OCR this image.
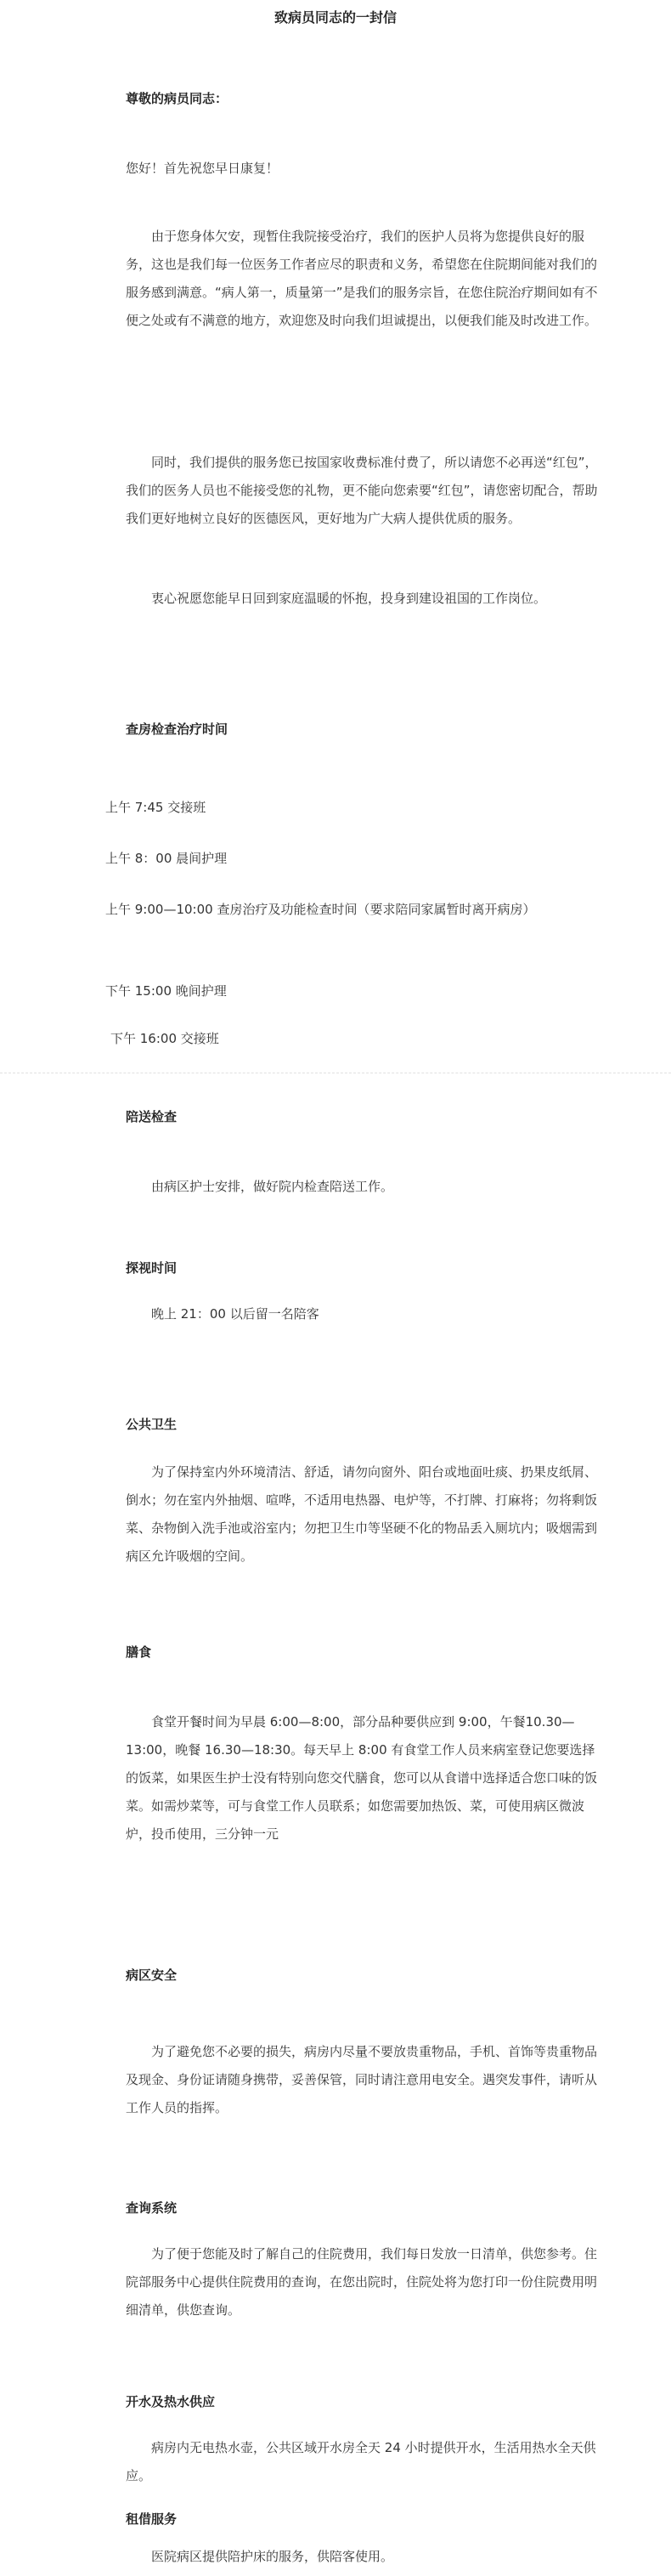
致病员同志的一封信
尊敬的病员同志：
您好！首先祝您早日康复！
由于您身体欠安，现暂住我院接受治疗，我们的医护人员将为您提供良好的服务，这也是我们每一位医务工作者应尽的职责和义务，希望您在住院期间能对我们的服务感到满意。“病人第一，质量第一”是我们的服务宗旨，在您住院治疗期间如有不便之处或有不满意的地方，欢迎您及时向我们坦诚提出，以便我们能及时改进工作。
同时，我们提供的服务您已按国家收费标准付费了，所以请您不必再送“红包”，我们的医务人员也不能接受您的礼物，更不能向您索要“红包”，请您密切配合，帮助我们更好地树立良好的医德医风，更好地为广大病人提供优质的服务。
衷心祝愿您能早日回到家庭温暖的怀抱，投身到建设祖国的工作岗位。
查房检查治疗时间
上午 7:45 交接班
上午 8：00 晨间护理
上午 9:00—10:00 查房治疗及功能检查时间（要求陪同家属暂时离开病房）
下午 15:00 晚间护理
下午 16:00 交接班
陪送检查
由病区护士安排，做好院内检查陪送工作。
探视时间
晚上 21：00 以后留一名陪客
公共卫生
为了保持室内外环境清洁、舒适，请勿向窗外、阳台或地面吐痰、扔果皮纸屑、倒水；勿在室内外抽烟、喧哗，不适用电热器、电炉等，不打牌、打麻将；勿将剩饭菜、杂物倒入洗手池或浴室内；勿把卫生巾等坚硬不化的物品丢入厕坑内；吸烟需到病区允许吸烟的空间。
膳食
食堂开餐时间为早晨 6:00—8:00，部分品种要供应到 9:00，午餐10.30—13:00，晚餐 16.30—18:30。每天早上 8:00 有食堂工作人员来病室登记您要选择的饭菜，如果医生护士没有特别向您交代膳食，您可以从食谱中选择适合您口味的饭菜。如需炒菜等，可与食堂工作人员联系；如您需要加热饭、菜，可使用病区微波炉，投币使用，三分钟一元
病区安全
为了避免您不必要的损失，病房内尽量不要放贵重物品，手机、首饰等贵重物品及现金、身份证请随身携带，妥善保管，同时请注意用电安全。遇突发事件，请听从工作人员的指挥。
查询系统
为了便于您能及时了解自己的住院费用，我们每日发放一日清单，供您参考。住院部服务中心提供住院费用的查询，在您出院时，住院处将为您打印一份住院费用明细清单，供您查询。
开水及热水供应
病房内无电热水壶，公共区域开水房全天 24 小时提供开水，生活用热水全天供应。
租借服务
医院病区提供陪护床的服务，供陪客使用。
